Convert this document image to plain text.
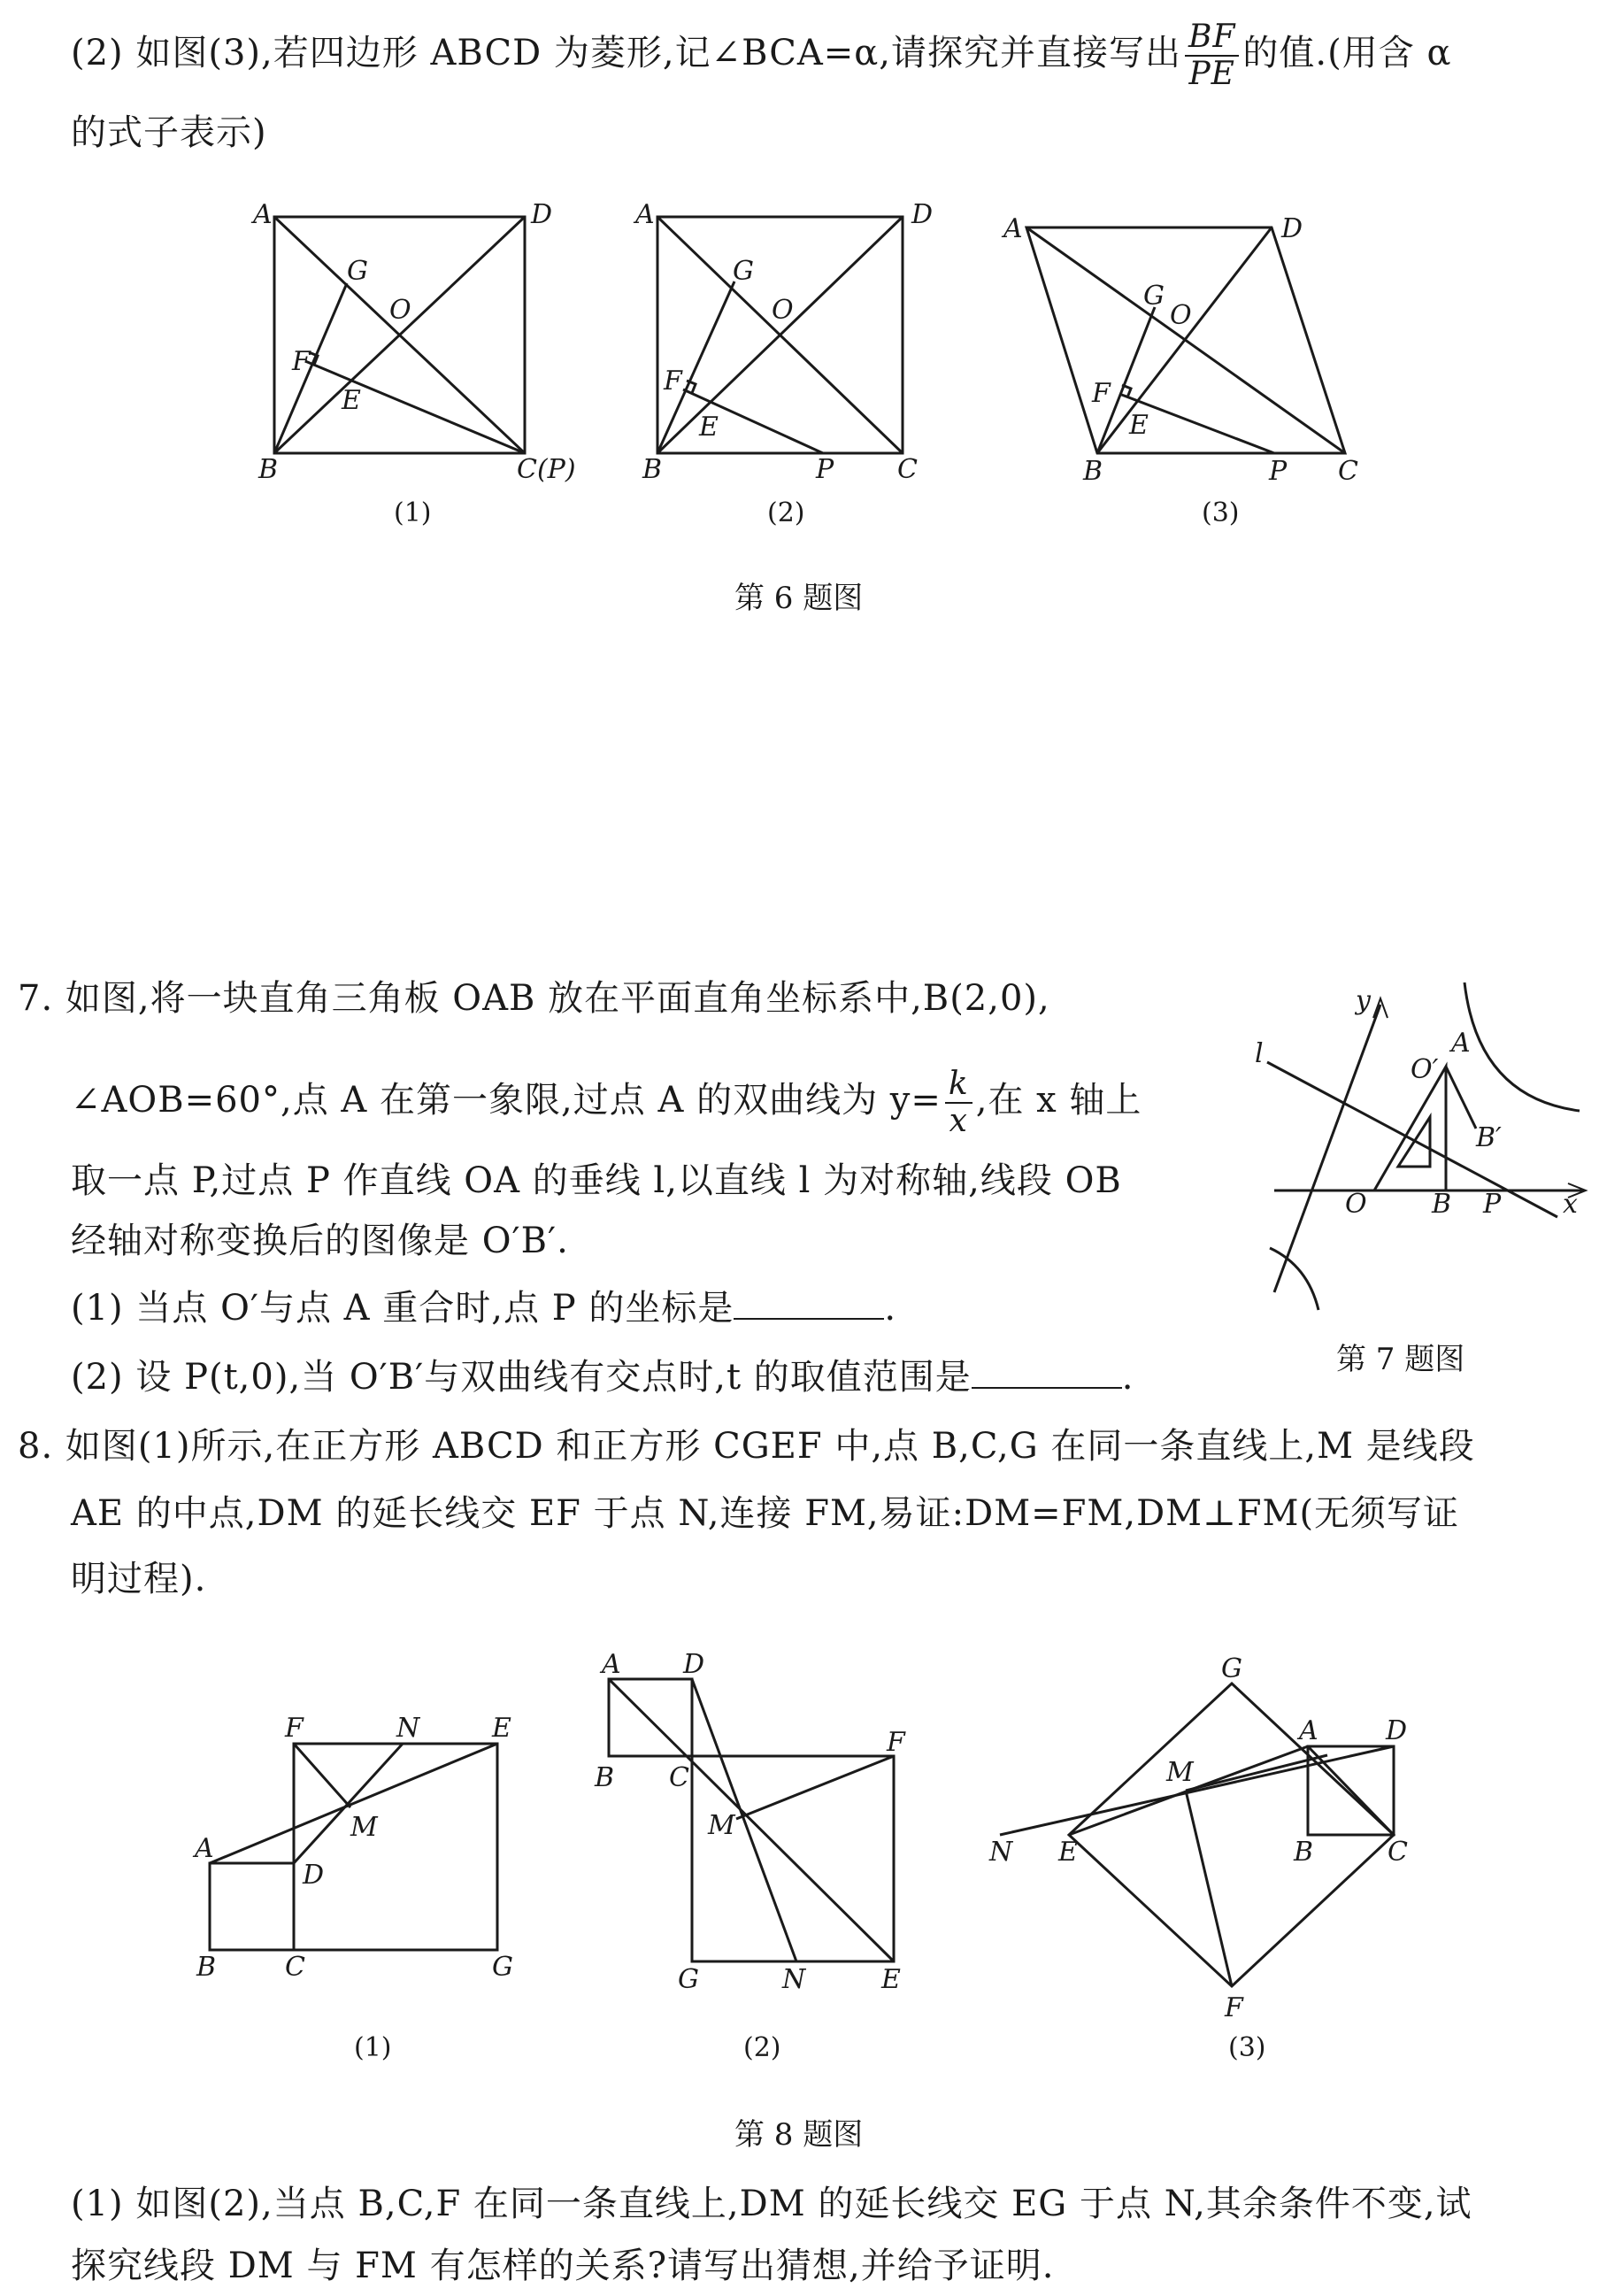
(2) 如图(3),若四边形 ABCD 为菱形,记∠BCA=α,请探究并直接写出 $\frac{BF}{PE}$ 的值.(用含 α
的式子表示)
A	D
G
O
F
E
B	C(P)
(1)
A	D
G
O
F
E
B	P C
(2)
A	D
G
O
F
E
B	P C
(3)
第 6 题图
7. 如图,将一块直角三角板 OAB 放在平面直角坐标系中,B(2,0),
∠AOB=60°,点 A 在第一象限,过点 A 的双曲线为 $y= \frac{k}{x}$ ,在 x 轴上
取一点 P,过点 P 作直线 OA 的垂线 l,以直线 l 为对称轴,线段 OB
经轴对称变换后的图像是 O′B′.
(1) 当点 O′与点 A 重合时,点 P 的坐标是	.
(2) 设 P(t,0),当 O′B′与双曲线有交点时,t 的取值范围是	.
y
l	A
O′
B′
O B P x
第 7 题图
8. 如图(1)所示,在正方形 ABCD 和正方形 CGEF 中,点 B,C,G 在同一条直线上,M 是线段
AE 的中点,DM 的延长线交 EF 于点 N,连接 FM,易证:DM=FM,DM⊥FM(无须写证
明过程).
A
B	C
D
F	N	E
M
G
(1)
A D
B C
F
M
G	N	E
(2)
G
A	D
M
N E	B	C
F
(3)
第 8 题图
(1) 如图(2),当点 B,C,F 在同一条直线上,DM 的延长线交 EG 于点 N,其余条件不变,试
探究线段 DM 与 FM 有怎样的关系?请写出猜想,并给予证明.
